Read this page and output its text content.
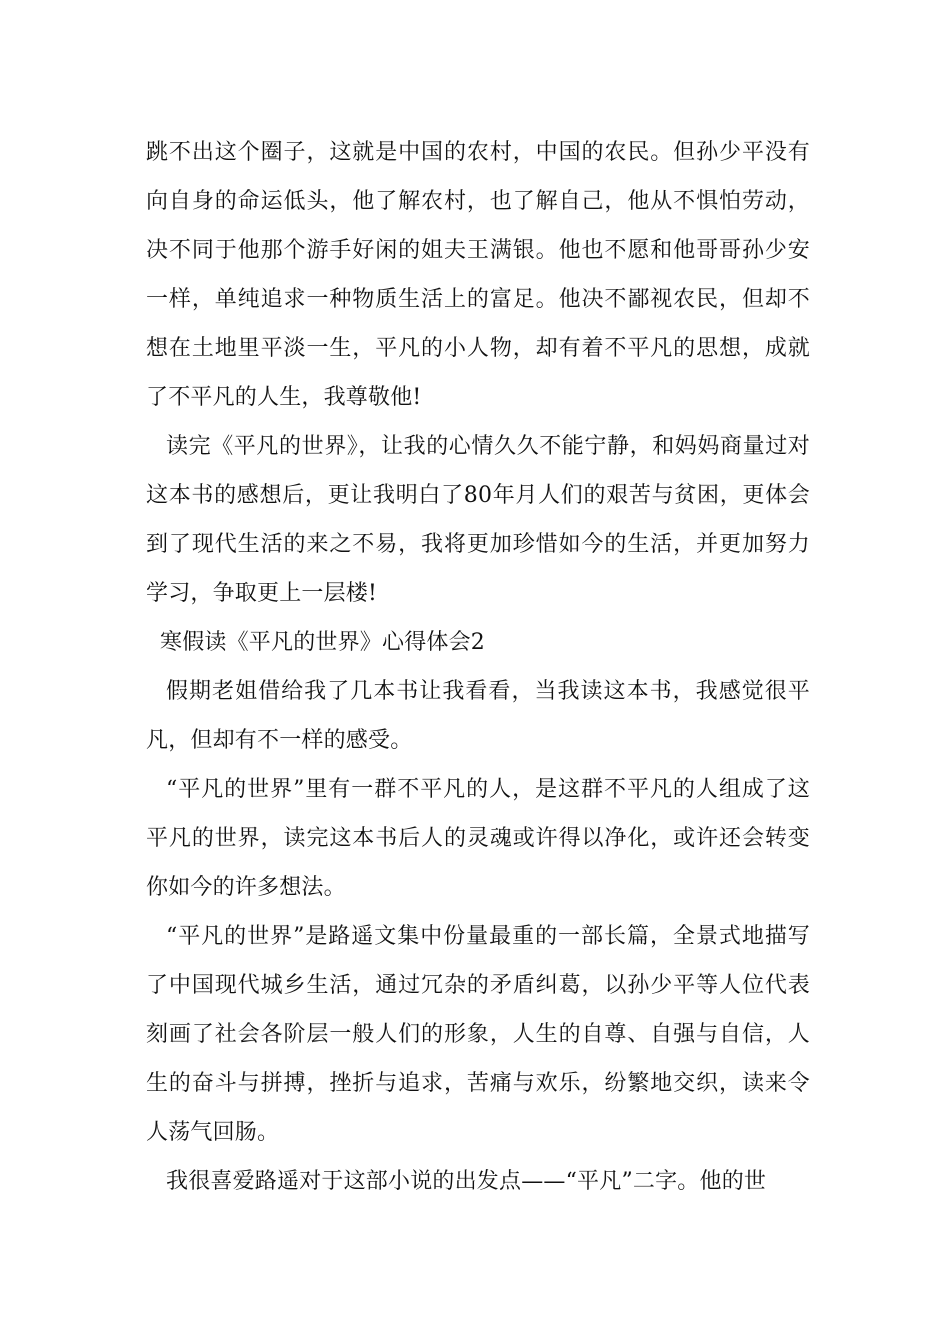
跳不出这个圈子，这就是中国的农村，中国的农民。但孙少平没有向自身的命运低头，他了解农村，也了解自己，他从不惧怕劳动，决不同于他那个游手好闲的姐夫王满银。他也不愿和他哥哥孙少安一样，单纯追求一种物质生活上的富足。他决不鄙视农民，但却不想在土地里平淡一生，平凡的小人物，却有着不平凡的思想，成就了不平凡的人生，我尊敬他!

读完《平凡的世界》，让我的心情久久不能宁静，和妈妈商量过对这本书的感想后，更让我明白了80年月人们的艰苦与贫困，更体会到了现代生活的来之不易，我将更加珍惜如今的生活，并更加努力学习，争取更上一层楼!

寒假读《平凡的世界》心得体会2

假期老姐借给我了几本书让我看看，当我读这本书，我感觉很平凡，但却有不一样的感受。

“平凡的世界”里有一群不平凡的人，是这群不平凡的人组成了这平凡的世界，读完这本书后人的灵魂或许得以净化，或许还会转变你如今的许多想法。

“平凡的世界”是路遥文集中份量最重的一部长篇，全景式地描写了中国现代城乡生活，通过冗杂的矛盾纠葛，以孙少平等人位代表刻画了社会各阶层一般人们的形象，人生的自尊、自强与自信，人生的奋斗与拼搏，挫折与追求，苦痛与欢乐，纷繁地交织，读来令人荡气回肠。

我很喜爱路遥对于这部小说的出发点——“平凡”二字。他的世
